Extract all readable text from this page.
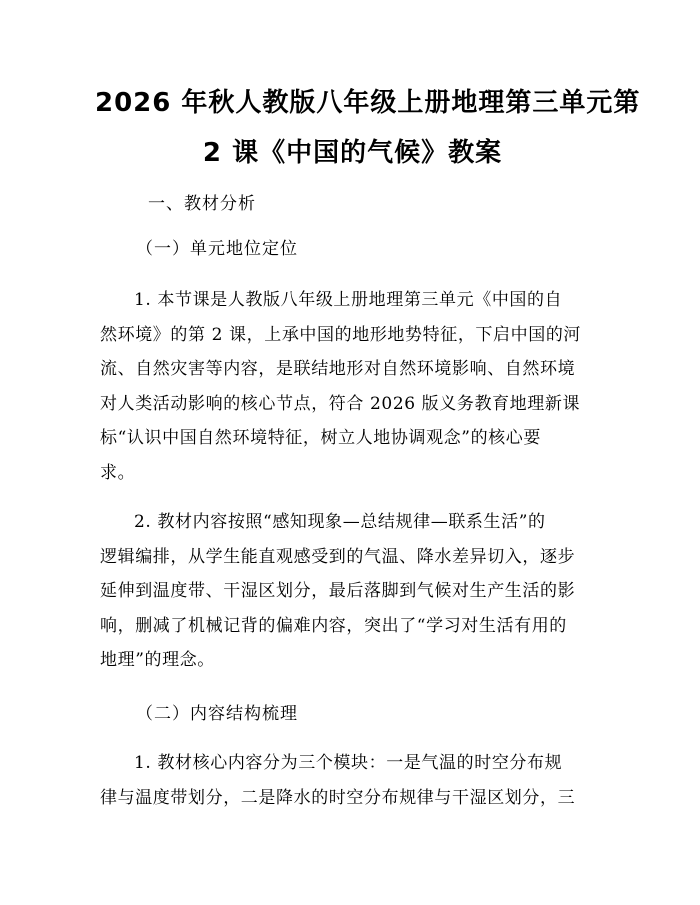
2026 年秋人教版八年级上册地理第三单元第
2 课《中国的气候》教案

一、教材分析

（一）单元地位定位

1. 本节课是人教版八年级上册地理第三单元《中国的自
然环境》的第 2 课，上承中国的地形地势特征，下启中国的河
流、自然灾害等内容，是联结地形对自然环境影响、自然环境
对人类活动影响的核心节点，符合 2026 版义务教育地理新课
标“认识中国自然环境特征，树立人地协调观念”的核心要
求。

2. 教材内容按照“感知现象—总结规律—联系生活”的
逻辑编排，从学生能直观感受到的气温、降水差异切入，逐步
延伸到温度带、干湿区划分，最后落脚到气候对生产生活的影
响，删减了机械记背的偏难内容，突出了“学习对生活有用的
地理”的理念。

（二）内容结构梳理

1. 教材核心内容分为三个模块：一是气温的时空分布规
律与温度带划分，二是降水的时空分布规律与干湿区划分，三
